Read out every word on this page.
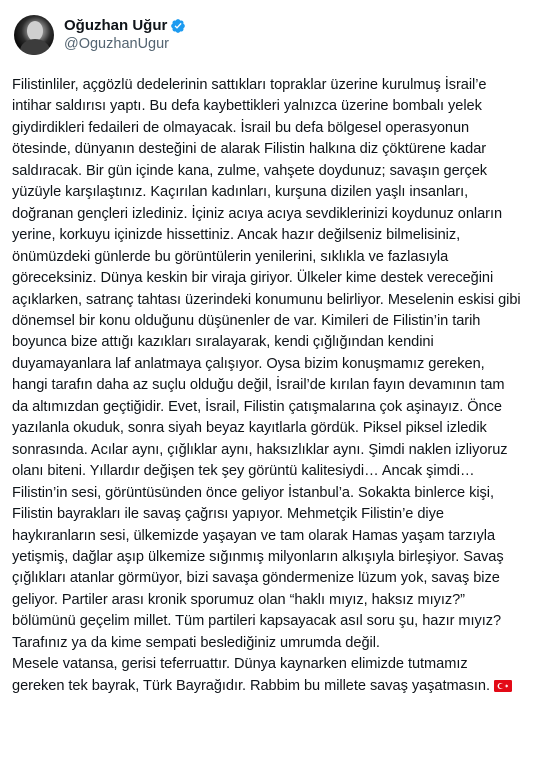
Oğuzhan Uğur
@OguzhanUgur
Filistinliler, açgözlü dedelerinin sattıkları topraklar üzerine kurulmuş İsrail’e intihar saldırısı yaptı. Bu defa kaybettikleri yalnızca üzerine bombalı yelek giydirdikleri fedaileri de olmayacak. İsrail bu defa bölgesel operasyonun ötesinde, dünyanın desteğini de alarak Filistin halkına diz çöktürene kadar saldıracak. Bir gün içinde kana, zulme, vahşete doydunuz; savaşın gerçek yüzüyle karşılaştınız. Kaçırılan kadınları, kurşuna dizilen yaşlı insanları, doğranan gençleri izlediniz. İçiniz acıya acıya sevdiklerinizi koydunuz onların yerine, korkuyu içinizde hissettiniz. Ancak hazır değilseniz bilmelisiniz, önümüzdeki günlerde bu görüntülerin yenilerini, sıklıkla ve fazlasıyla göreceksiniz. Dünya keskin bir viraja giriyor. Ülkeler kime destek vereceğini açıklarken, satranç tahtası üzerindeki konumunu belirliyor. Meselenin eskisi gibi dönemsel bir konu olduğunu düşünenler de var. Kimileri de Filistin’in tarih boyunca bize attığı kazıkları sıralayarak, kendi çığlığından kendini duyamayanlara laf anlatmaya çalışıyor. Oysa bizim konuşmamız gereken, hangi tarafın daha az suçlu olduğu değil, İsrail’de kırılan fayın devamının tam da altımızdan geçtiğidir. Evet, İsrail, Filistin çatışmalarına çok aşinayız. Önce yazılanla okuduk, sonra siyah beyaz kayıtlarla gördük. Piksel piksel izledik sonrasında. Acılar aynı, çığlıklar aynı, haksızlıklar aynı. Şimdi naklen izliyoruz olanı biteni. Yıllardır değişen tek şey görüntü kalitesiydi… Ancak şimdi… Filistin’in sesi, görüntüsünden önce geliyor İstanbul’a. Sokakta binlerce kişi, Filistin bayrakları ile savaş çağrısı yapıyor. Mehmetçik Filistin’e diye haykıranların sesi, ülkemizde yaşayan ve tam olarak Hamas yaşam tarzıyla yetişmiş, dağlar aşıp ülkemize sığınmış milyonların alkışıyla birleşiyor. Savaş çığlıkları atanlar görmüyor, bizi savaşa göndermenize lüzum yok, savaş bize geliyor. Partiler arası kronik sporumuz olan “haklı mıyız, haksız mıyız?” bölümünü geçelim millet. Tüm partileri kapsayacak asıl soru şu, hazır mıyız? Tarafınız ya da kime sempati beslediğiniz umrumda değil.
Mesele vatansa, gerisi teferruattır. Dünya kaynarken elimizde tutmamız gereken tek bayrak, Türk Bayrağıdır. Rabbim bu millete savaş yaşatmasın.
